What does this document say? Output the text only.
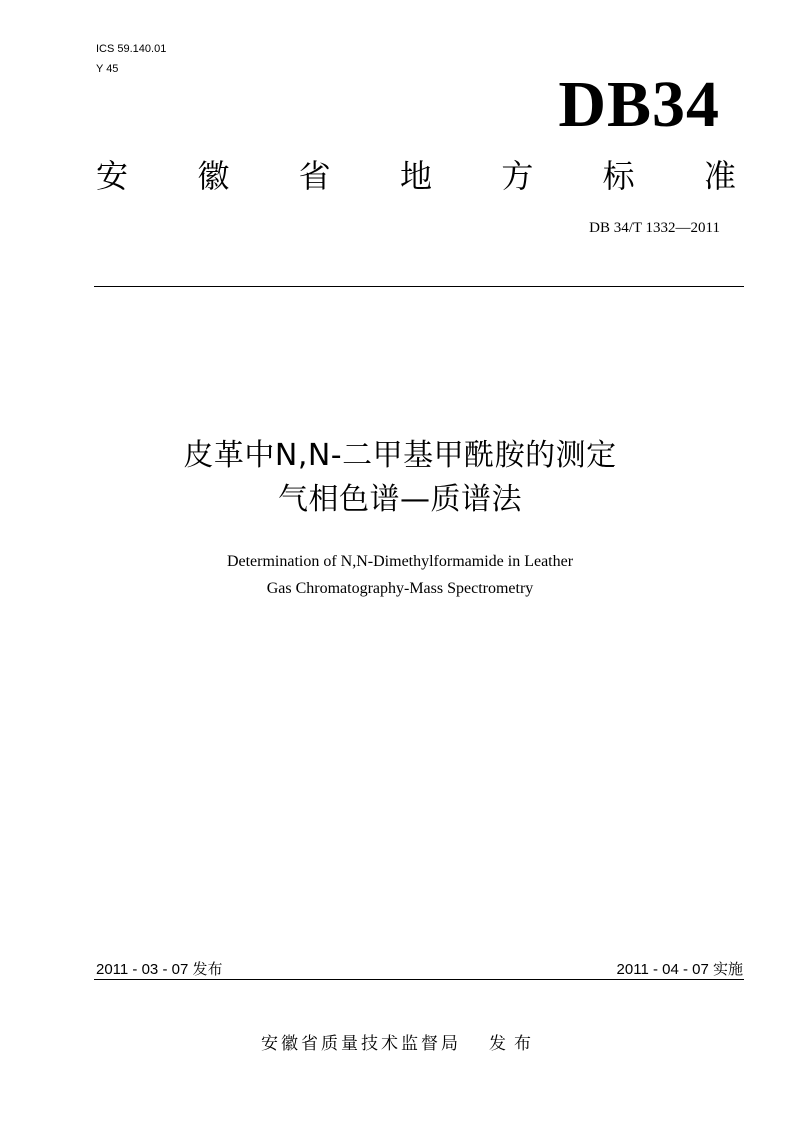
ICS 59.140.01
Y 45	DB34
安 徽 省 地 方 标 准
DB 34/T 1332—2011
皮革中N,N-二甲基甲酰胺的测定
气相色谱—质谱法
Determination of N,N-Dimethylformamide in Leather
Gas Chromatography-Mass Spectrometry
2011 - 03 - 07 发布	2011 - 04 - 07 实施
安徽省质量技术监督局 发布
